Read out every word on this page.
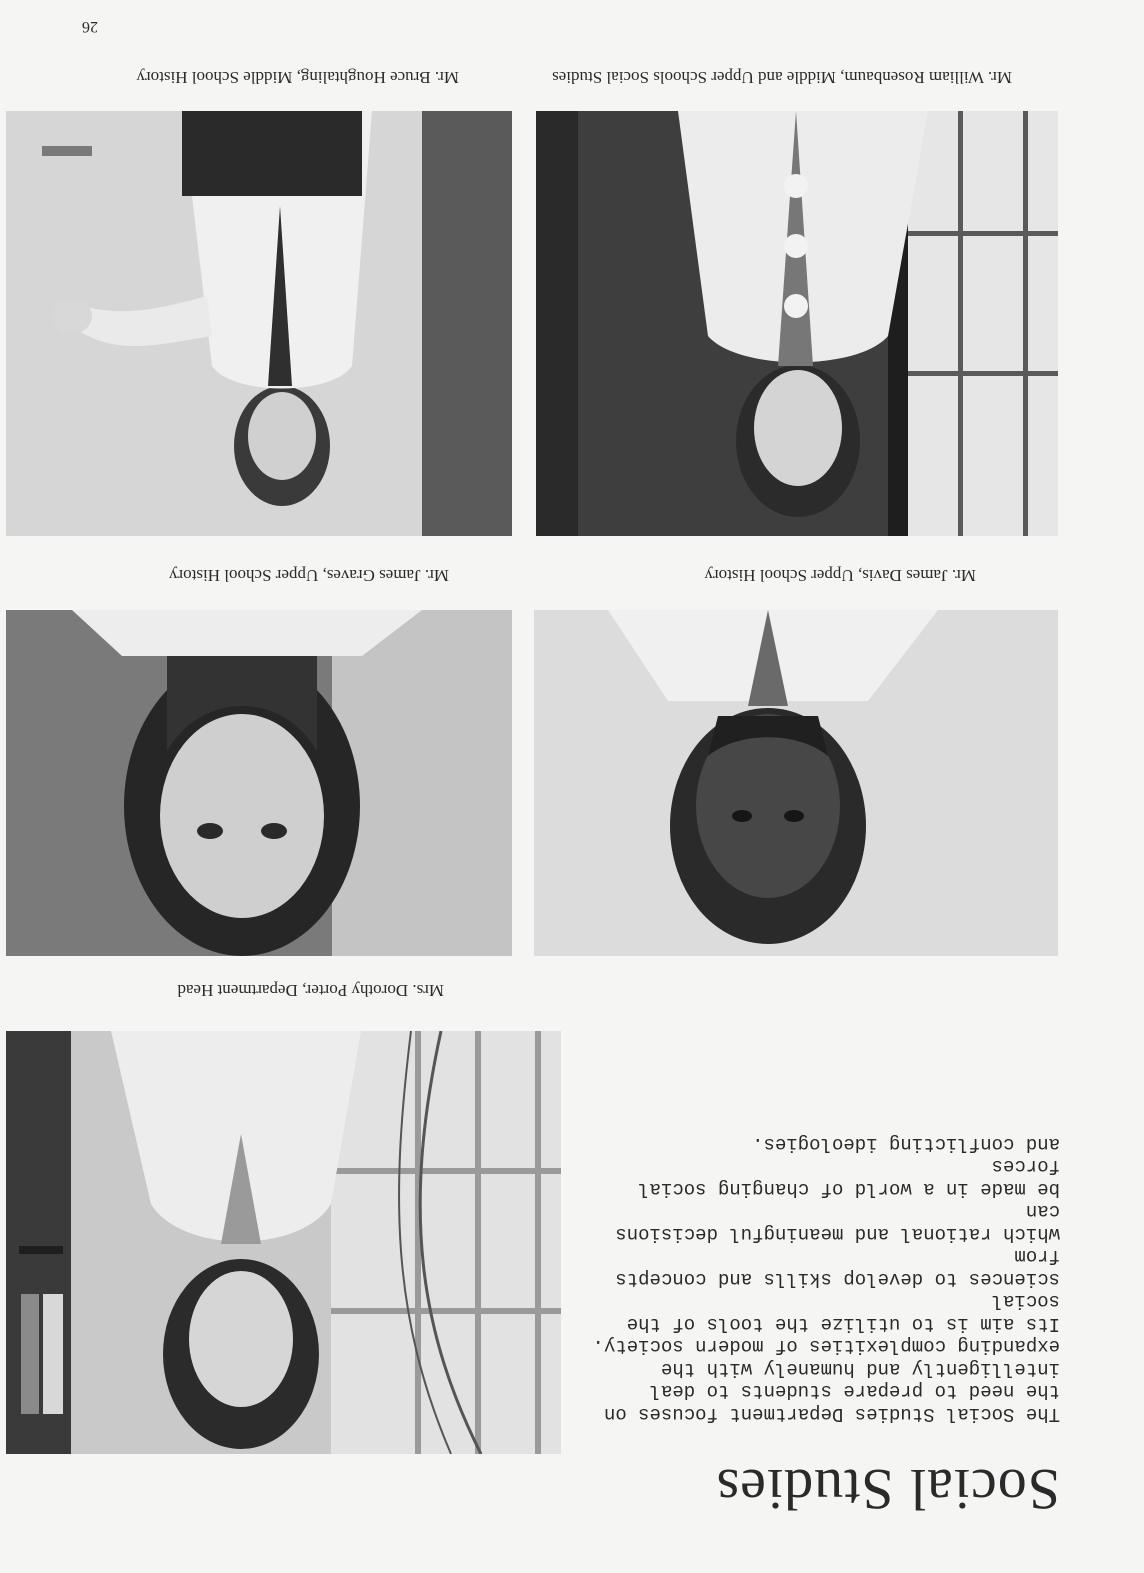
26
Social Studies

The Social Studies Department focuses on
the need to prepare students to deal
intelligently and humanely with the
expanding complexities of modern society.
Its aim is to utilize the tools of the social
sciences to develop skills and concepts from
which rational and meaningful decisions can
be made in a world of changing social forces
and conflicting ideologies.

Mrs. Dorothy Porter, Department Head
Mr. James Graves, Upper School History	Mr. James Davis, Upper School History
Mr. Bruce Houghtaling, Middle School History	Mr. William Rosenbaum, Middle and Upper Schools Social Studies
